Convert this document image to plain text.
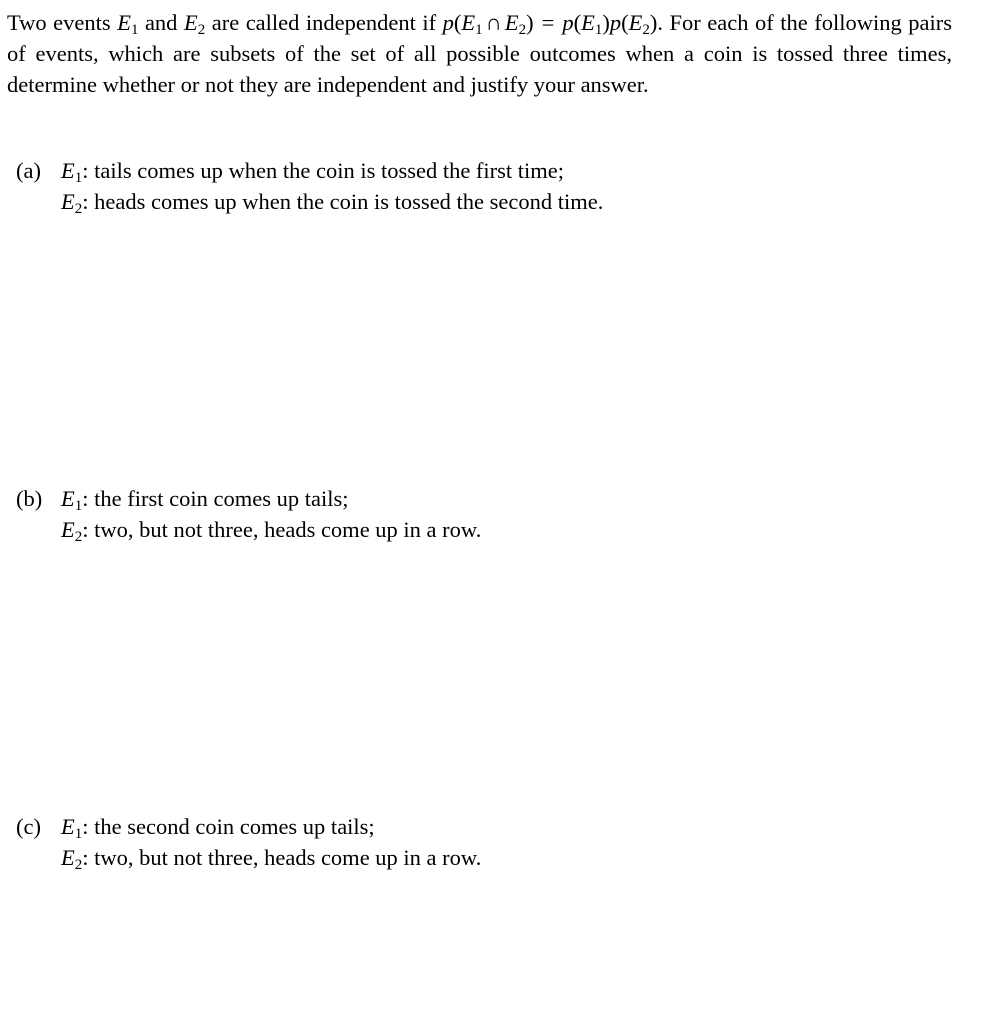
Two events $E_1$ and $E_2$ are called independent if $p(E_1$ ∩ $E_2) = p(E_1)p(E_2)$. For each of the following pairs of events, which are subsets of the set of all possible outcomes when a coin is tossed three times, determine whether or not they are independent and justify your answer.

(a) $E_1$: tails comes up when the coin is tossed the first time;
$E_2$: heads comes up when the coin is tossed the second time.
(b) $E_1$: the first coin comes up tails;
$E_2$: two, but not three, heads come up in a row.
(c) $E_1$: the second coin comes up tails;
$E_2$: two, but not three, heads come up in a row.
